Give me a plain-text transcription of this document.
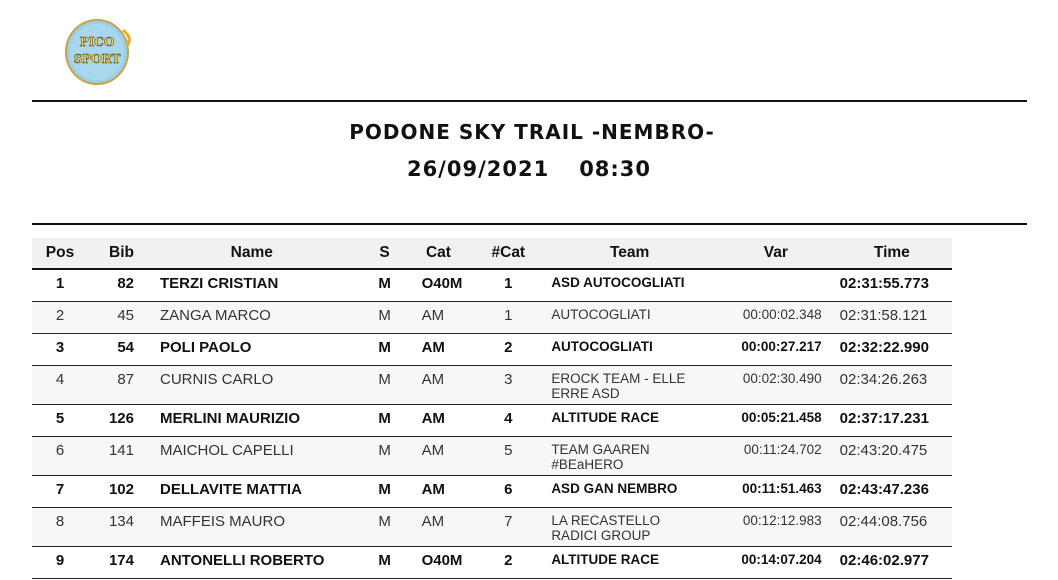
PICO
SPORT
PODONE SKY TRAIL -NEMBRO-
26/09/2021 08:30
Pos	Bib	Name	S	Cat	#Cat	Team	Var	Time

1	82	TERZI CRISTIAN	M	O40M	1	ASD AUTOCOGLIATI		02:31:55.773

2	45	ZANGA MARCO	M	AM	1	AUTOCOGLIATI	00:00:02.348	02:31:58.121

3	54	POLI PAOLO	M	AM	2	AUTOCOGLIATI	00:00:27.217	02:32:22.990

4	87	CURNIS CARLO	M	AM	3	EROCK TEAM - ELLE
ERRE ASD	00:02:30.490	02:34:26.263

5	126	MERLINI MAURIZIO	M	AM	4	ALTITUDE RACE	00:05:21.458	02:37:17.231

6	141	MAICHOL CAPELLI	M	AM	5	TEAM GAAREN
#BEaHERO	00:11:24.702	02:43:20.475

7	102	DELLAVITE MATTIA	M	AM	6	ASD GAN NEMBRO	00:11:51.463	02:43:47.236

8	134	MAFFEIS MAURO	M	AM	7	LA RECASTELLO
RADICI GROUP	00:12:12.983	02:44:08.756

9	174	ANTONELLI ROBERTO	M	O40M	2	ALTITUDE RACE	00:14:07.204	02:46:02.977
